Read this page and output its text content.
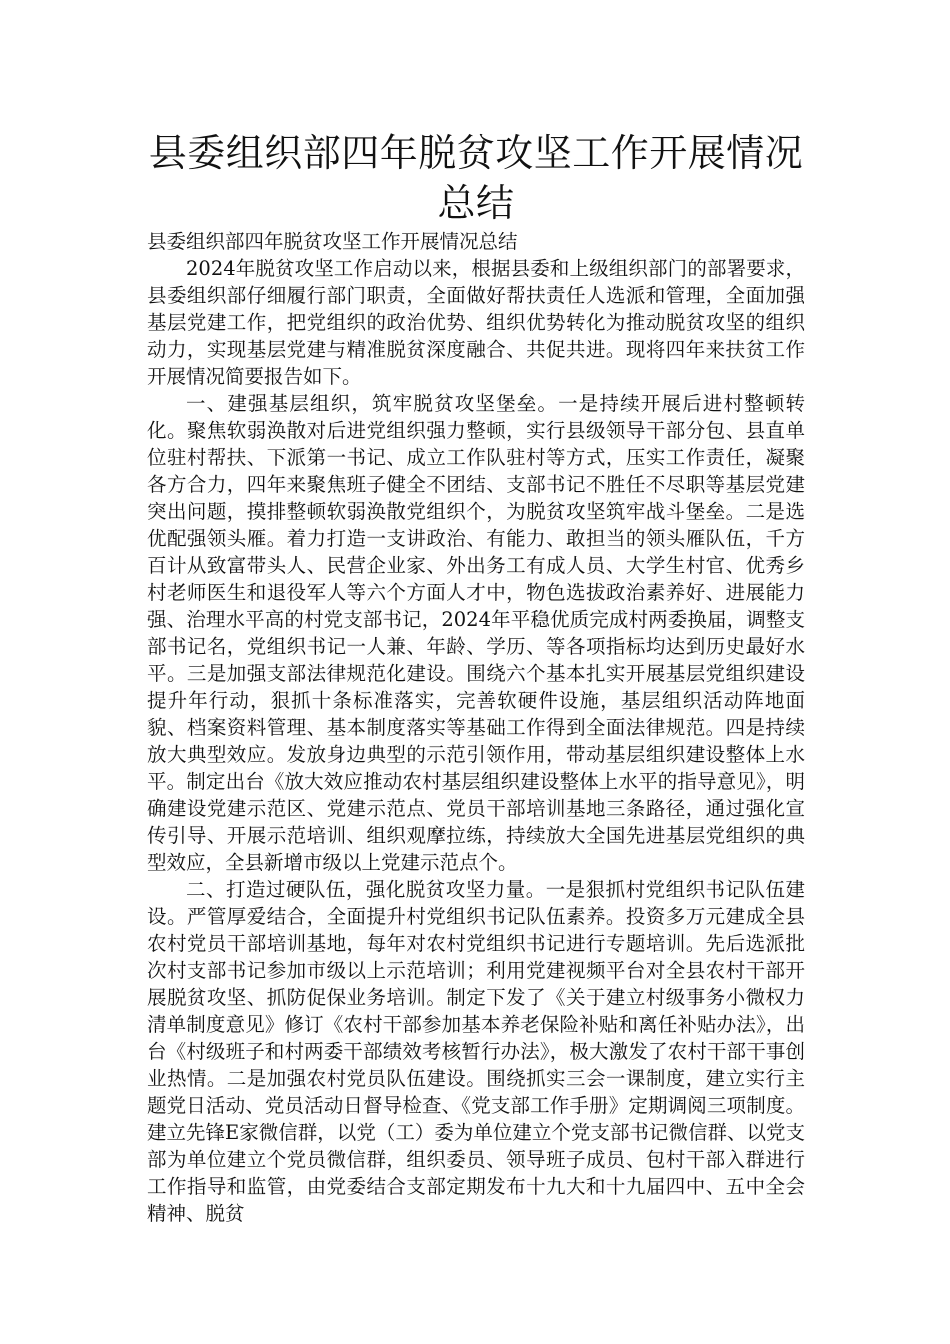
县委组织部四年脱贫攻坚工作开展情况
总结

县委组织部四年脱贫攻坚工作开展情况总结

2024年脱贫攻坚工作启动以来，根据县委和上级组织部门的部署要求，县委组织部仔细履行部门职责，全面做好帮扶责任人选派和管理，全面加强基层党建工作，把党组织的政治优势、组织优势转化为推动脱贫攻坚的组织动力，实现基层党建与精准脱贫深度融合、共促共进。现将四年来扶贫工作开展情况简要报告如下。

一、建强基层组织，筑牢脱贫攻坚堡垒。一是持续开展后进村整顿转化。聚焦软弱涣散对后进党组织强力整顿，实行县级领导干部分包、县直单位驻村帮扶、下派第一书记、成立工作队驻村等方式，压实工作责任，凝聚各方合力，四年来聚焦班子健全不团结、支部书记不胜任不尽职等基层党建突出问题，摸排整顿软弱涣散党组织个，为脱贫攻坚筑牢战斗堡垒。二是选优配强领头雁。着力打造一支讲政治、有能力、敢担当的领头雁队伍，千方百计从致富带头人、民营企业家、外出务工有成人员、大学生村官、优秀乡村老师医生和退役军人等六个方面人才中，物色选拔政治素养好、进展能力强、治理水平高的村党支部书记，2024年平稳优质完成村两委换届，调整支部书记名，党组织书记一人兼、年龄、学历、等各项指标均达到历史最好水平。三是加强支部法律规范化建设。围绕六个基本扎实开展基层党组织建设提升年行动，狠抓十条标准落实，完善软硬件设施，基层组织活动阵地面貌、档案资料管理、基本制度落实等基础工作得到全面法律规范。四是持续放大典型效应。发放身边典型的示范引领作用，带动基层组织建设整体上水平。制定出台《放大效应推动农村基层组织建设整体上水平的指导意见》，明确建设党建示范区、党建示范点、党员干部培训基地三条路径，通过强化宣传引导、开展示范培训、组织观摩拉练，持续放大全国先进基层党组织的典型效应，全县新增市级以上党建示范点个。

二、打造过硬队伍，强化脱贫攻坚力量。一是狠抓村党组织书记队伍建设。严管厚爱结合，全面提升村党组织书记队伍素养。投资多万元建成全县农村党员干部培训基地，每年对农村党组织书记进行专题培训。先后选派批次村支部书记参加市级以上示范培训；利用党建视频平台对全县农村干部开展脱贫攻坚、抓防促保业务培训。制定下发了《关于建立村级事务小微权力清单制度意见》修订《农村干部参加基本养老保险补贴和离任补贴办法》，出台《村级班子和村两委干部绩效考核暂行办法》，极大激发了农村干部干事创业热情。二是加强农村党员队伍建设。围绕抓实三会一课制度，建立实行主题党日活动、党员活动日督导检查、《党支部工作手册》定期调阅三项制度。建立先锋E家微信群，以党（工）委为单位建立个党支部书记微信群、以党支部为单位建立个党员微信群，组织委员、领导班子成员、包村干部入群进行工作指导和监管，由党委结合支部定期发布十九大和十九届四中、五中全会精神、脱贫
